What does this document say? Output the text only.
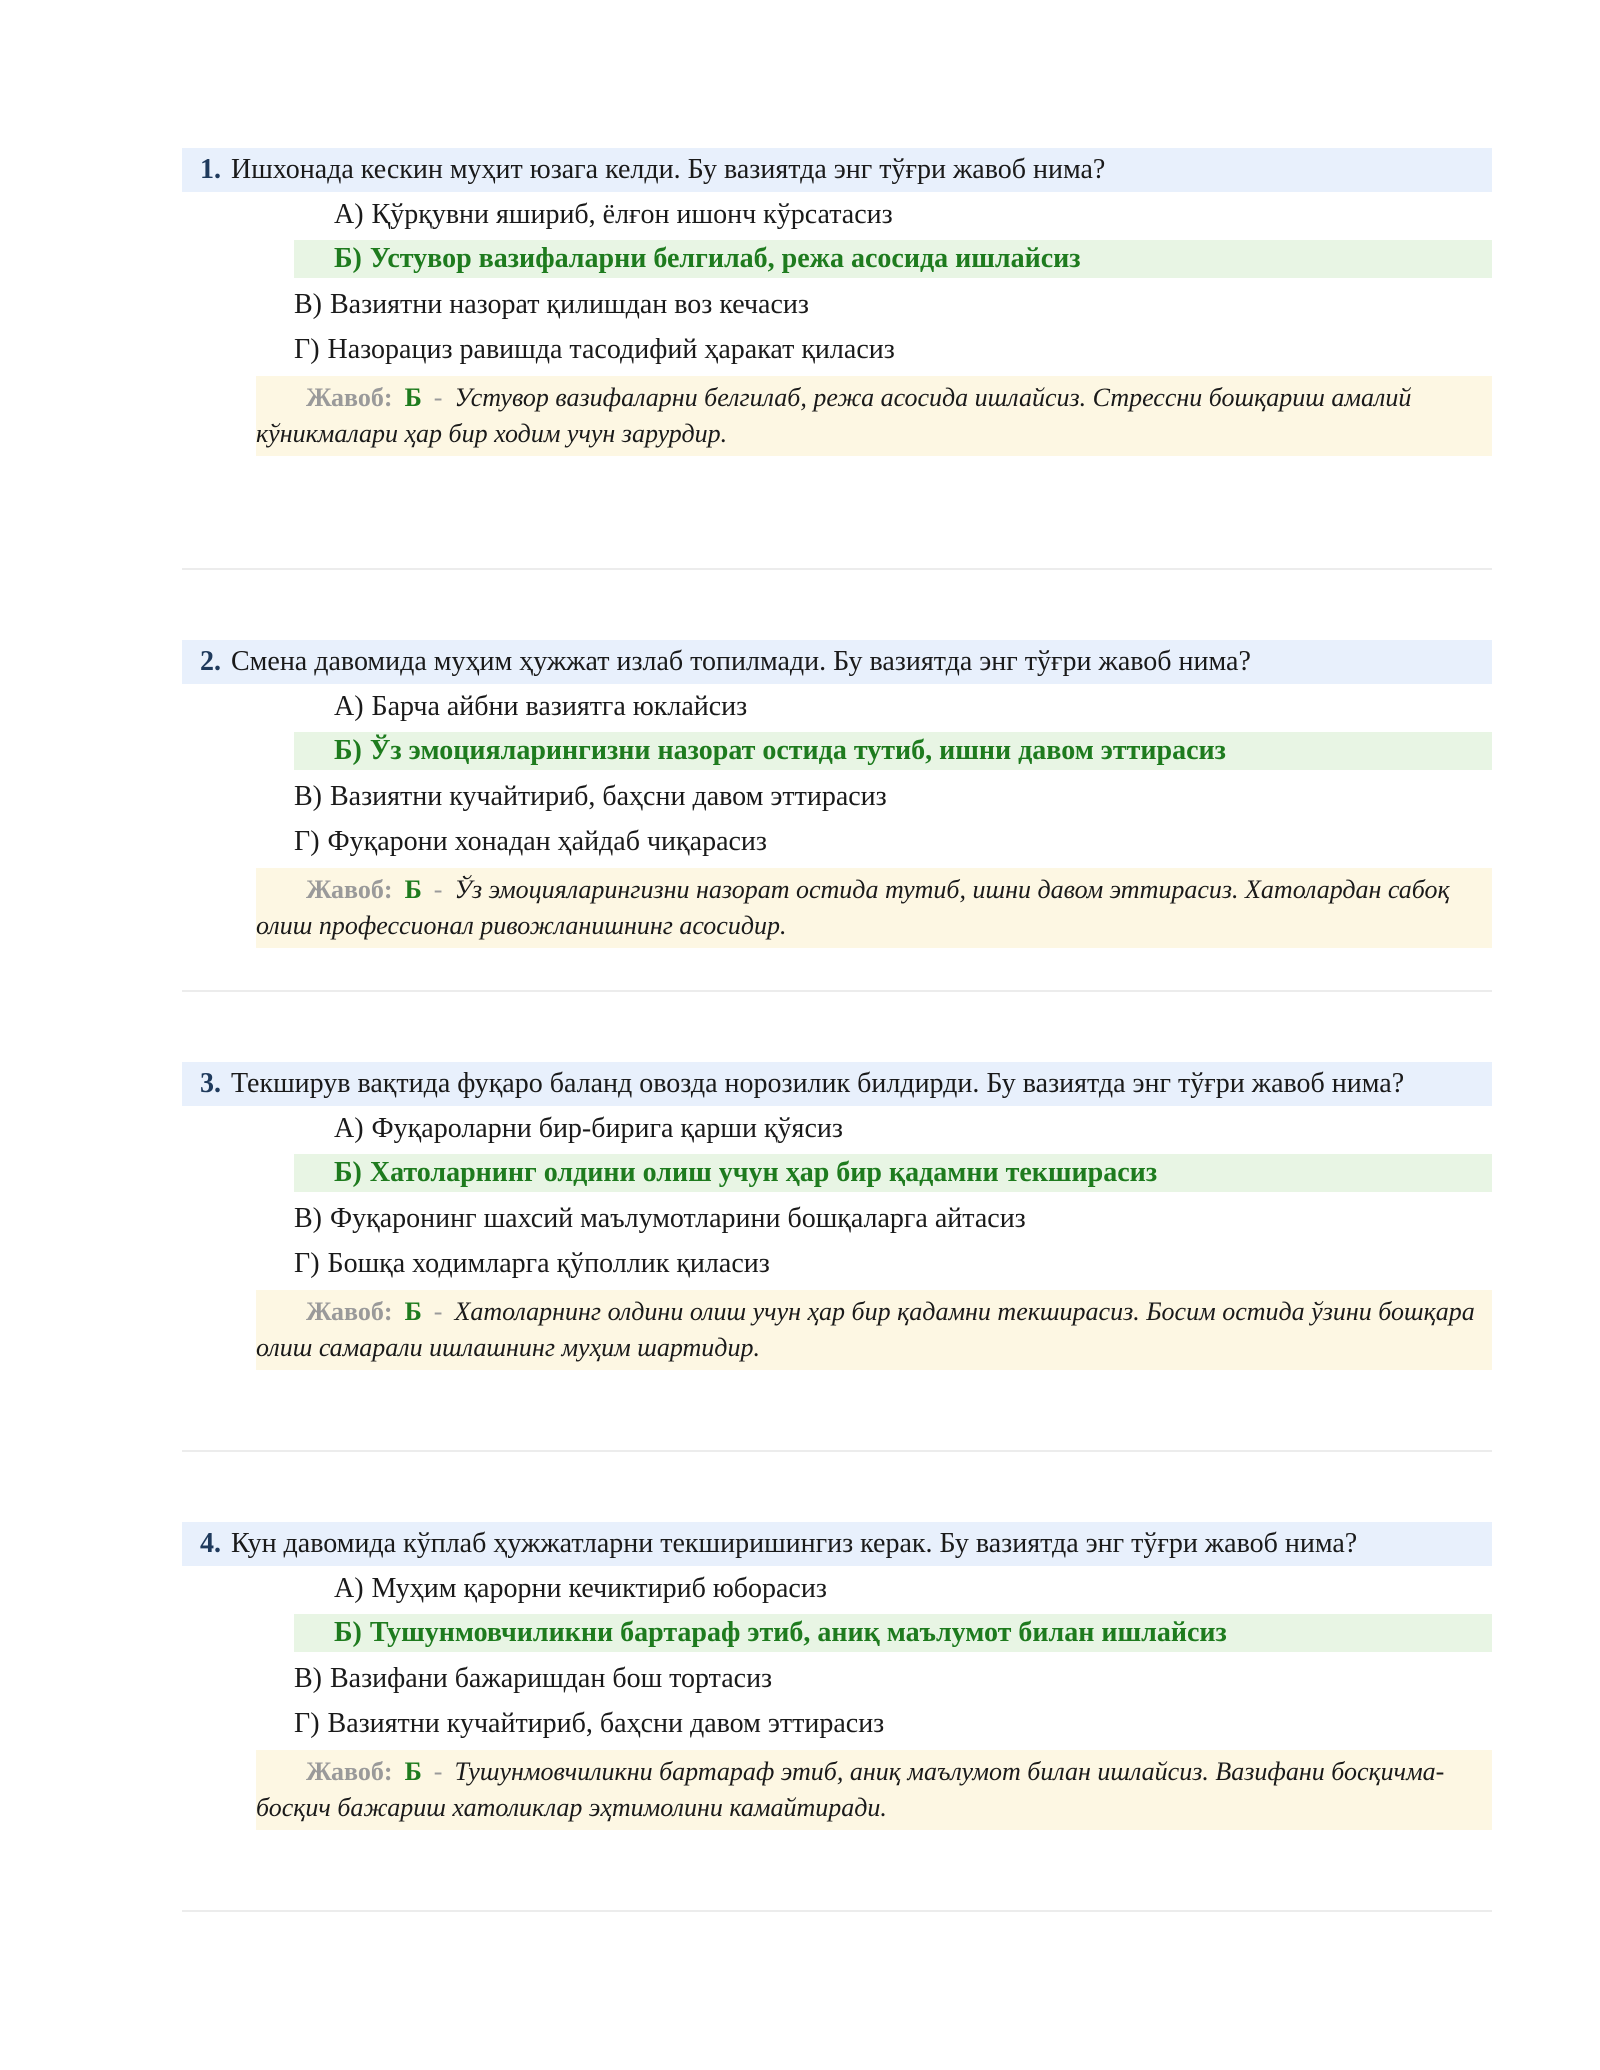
1. Ишхонада кескин муҳит юзага келди. Бу вазиятда энг тўғри жавоб нима?
А) Қўрқувни яшириб, ёлғон ишонч кўрсатасиз
Б) Устувор вазифаларни белгилаб, режа асосида ишлайсиз
В) Вазиятни назорат қилишдан воз кечасиз
Г) Назорациз равишда тасодифий ҳаракат қиласиз
Жавоб: Б - Устувор вазифаларни белгилаб, режа асосида ишлайсиз. Стрессни бошқариш амалий кўникмалари ҳар бир ходим учун зарурдир.
2. Смена давомида муҳим ҳужжат излаб топилмади. Бу вазиятда энг тўғри жавоб нима?
А) Барча айбни вазиятга юклайсиз
Б) Ўз эмоцияларингизни назорат остида тутиб, ишни давом эттирасиз
В) Вазиятни кучайтириб, баҳсни давом эттирасиз
Г) Фуқарони хонадан ҳайдаб чиқарасиз
Жавоб: Б - Ўз эмоцияларингизни назорат остида тутиб, ишни давом эттирасиз. Хатолардан сабоқ олиш профессионал ривожланишнинг асосидир.
3. Текширув вақтида фуқаро баланд овозда норозилик билдирди. Бу вазиятда энг тўғри жавоб нима?
А) Фуқароларни бир-бирига қарши қўясиз
Б) Хатоларнинг олдини олиш учун ҳар бир қадамни текширасиз
В) Фуқаронинг шахсий маълумотларини бошқаларга айтасиз
Г) Бошқа ходимларга қўполлик қиласиз
Жавоб: Б - Хатоларнинг олдини олиш учун ҳар бир қадамни текширасиз. Босим остида ўзини бошқара олиш самарали ишлашнинг муҳим шартидир.
4. Кун давомида кўплаб ҳужжатларни текширишингиз керак. Бу вазиятда энг тўғри жавоб нима?
А) Муҳим қарорни кечиктириб юборасиз
Б) Тушунмовчиликни бартараф этиб, аниқ маълумот билан ишлайсиз
В) Вазифани бажаришдан бош тортасиз
Г) Вазиятни кучайтириб, баҳсни давом эттирасиз
Жавоб: Б - Тушунмовчиликни бартараф этиб, аниқ маълумот билан ишлайсиз. Вазифани босқичма-босқич бажариш хатоликлар эҳтимолини камайтиради.
